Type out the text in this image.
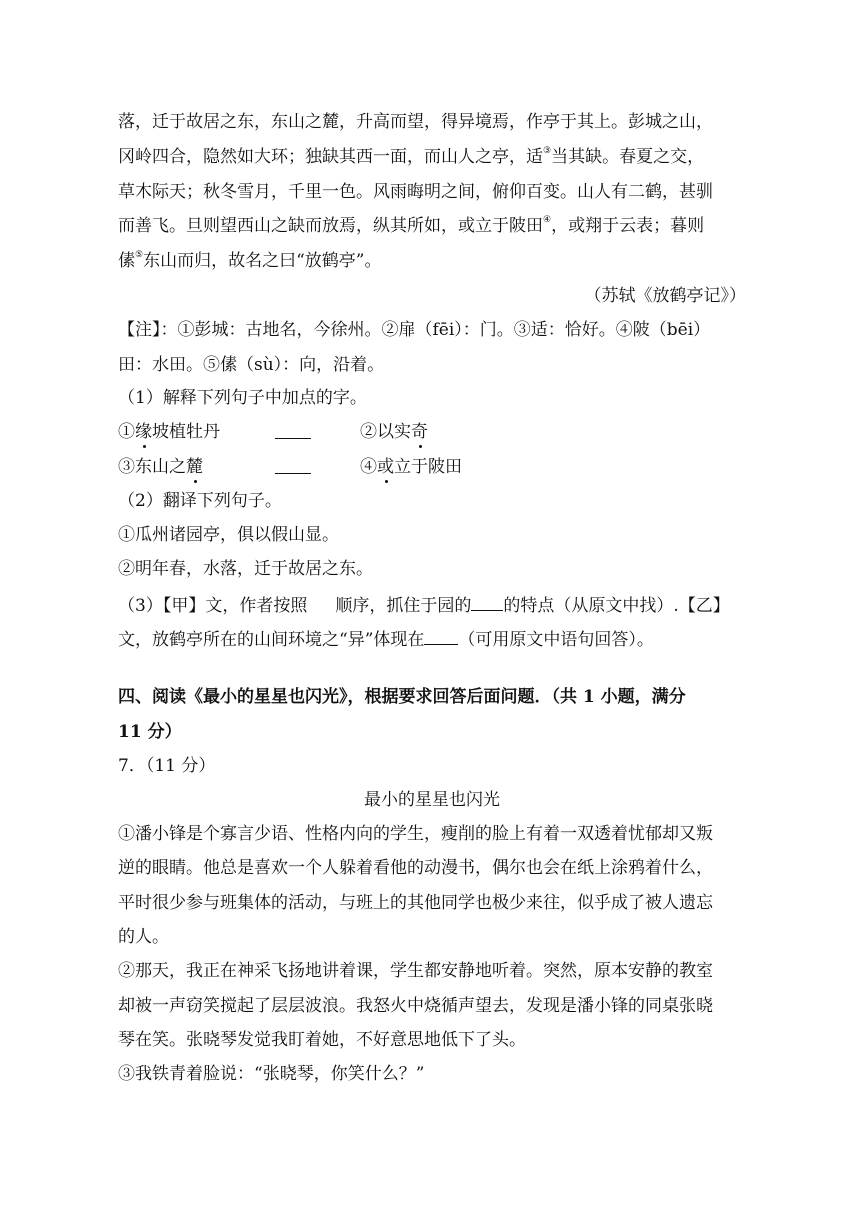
落，迁于故居之东，东山之麓，升高而望，得异境焉，作亭于其上。彭城之山，
冈岭四合，隐然如大环；独缺其西一面，而山人之亭，适③当其缺。春夏之交，
草木际天；秋冬雪月，千里一色。风雨晦明之间，俯仰百变。山人有二鹤，甚驯
而善飞。旦则望西山之缺而放焉，纵其所如，或立于陂田④，或翔于云表；暮则
傃⑤东山而归，故名之曰“放鹤亭”。
（苏轼《放鹤亭记》）
【注】：①彭城：古地名，今徐州。②扉（fēi）：门。③适：恰好。④陂（bēi）
田：水田。⑤傃（sù）：向，沿着。
（1）解释下列句子中加点的字。
①缘坡植牡丹	②以实奇
③东山之麓	④或立于陂田
（2）翻译下列句子。
①瓜州诸园亭，俱以假山显。
②明年春，水落，迁于故居之东。
（3）【甲】文，作者按照 顺序，抓住于园的 的特点（从原文中找）.【乙】
文，放鹤亭所在的山间环境之“异”体现在 （可用原文中语句回答）。
四、阅读《最小的星星也闪光》，根据要求回答后面问题．（共 1 小题，满分
11 分）
7．（11 分）
最小的星星也闪光
①潘小锋是个寡言少语、性格内向的学生，瘦削的脸上有着一双透着忧郁却又叛
逆的眼睛。他总是喜欢一个人躲着看他的动漫书，偶尔也会在纸上涂鸦着什么，
平时很少参与班集体的活动，与班上的其他同学也极少来往，似乎成了被人遗忘
的人。
②那天，我正在神采飞扬地讲着课，学生都安静地听着。突然，原本安静的教室
却被一声窃笑搅起了层层波浪。我怒火中烧循声望去，发现是潘小锋的同桌张晓
琴在笑。张晓琴发觉我盯着她，不好意思地低下了头。
③我铁青着脸说：“张晓琴，你笑什么？”
